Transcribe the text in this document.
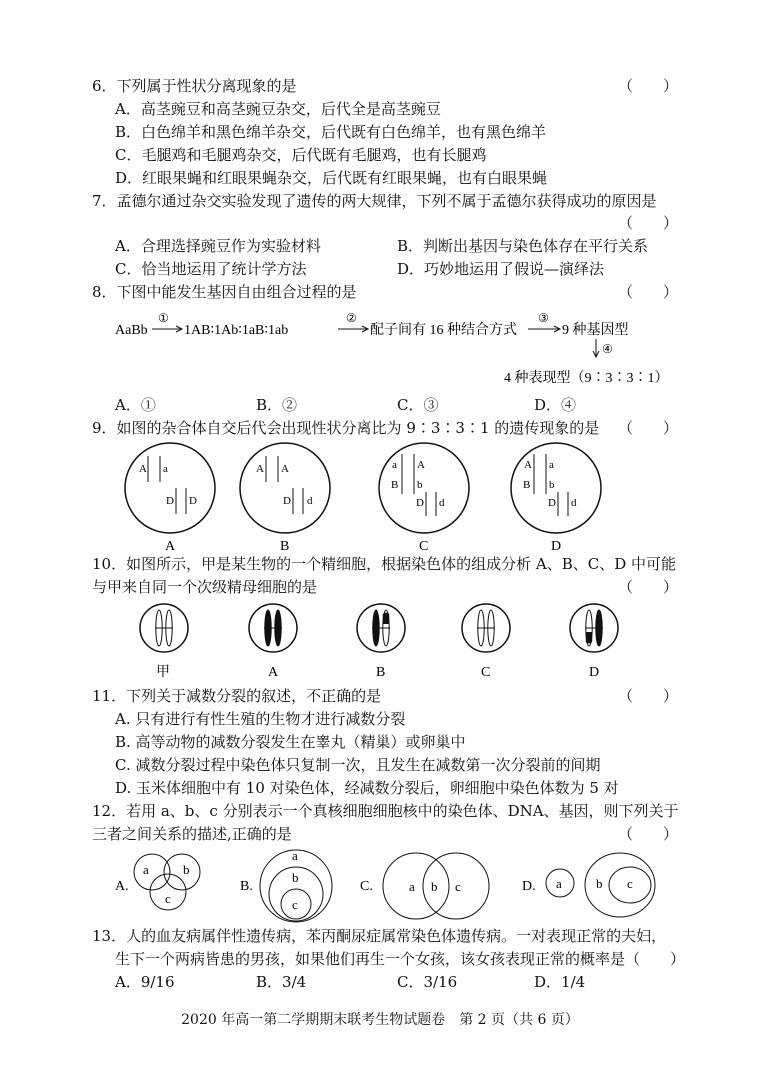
6．下列属于性状分离现象的是	（　　）
A．高茎豌豆和高茎豌豆杂交，后代全是高茎豌豆
B．白色绵羊和黑色绵羊杂交，后代既有白色绵羊，也有黑色绵羊
C．毛腿鸡和毛腿鸡杂交，后代既有毛腿鸡，也有长腿鸡
D．红眼果蝇和红眼果蝇杂交，后代既有红眼果蝇，也有白眼果蝇
7．孟德尔通过杂交实验发现了遗传的两大规律，下列不属于孟德尔获得成功的原因是
（　　）
A．合理选择豌豆作为实验材料	B．判断出基因与染色体存在平行关系
C．恰当地运用了统计学方法	D．巧妙地运用了假说—演绎法
8．下图中能发生基因自由组合过程的是	（　　）
AaBb
①
1AB∶1Ab∶1aB∶1ab
②
配子间有 16 种结合方式
③
9 种基因型
④
4 种表现型（9∶3∶3∶1）
A．①	B．②	C．③	D．④
9．如图的杂合体自交后代会出现性状分离比为 9∶3∶3∶1 的遗传现象的是 （　　）
A a
D D
A A
D d
a A
B b
D d
A a
B b
D d
A	B	C	D
10．如图所示，甲是某生物的一个精细胞，根据染色体的组成分析 A、B、C、D 中可能
与甲来自同一个次级精母细胞的是	（　　）
甲	A	B	C	D
11．下列关于减数分裂的叙述，不正确的是	（　　）
A. 只有进行有性生殖的生物才进行减数分裂
B. 高等动物的减数分裂发生在睾丸（精巢）或卵巢中
C. 减数分裂过程中染色体只复制一次，且发生在减数第一次分裂前的间期
D. 玉米体细胞中有 10 对染色体，经减数分裂后，卵细胞中染色体数为 5 对
12．若用 a、b、c 分别表示一个真核细胞细胞核中的染色体、DNA、基因，则下列关于
三者之间关系的描述,正确的是	（　　）
A.
a	b
c
B.
a
b
c
C.	a b c	D. a	b c
13．人的血友病属伴性遗传病，苯丙酮尿症属常染色体遗传病。一对表现正常的夫妇，
生下一个两病皆患的男孩，如果他们再生一个女孩，该女孩表现正常的概率是（　　）
A．9/16	B．3/4	C．3/16	D．1/4
2020 年高一第二学期期末联考生物试题卷　第 2 页（共 6 页）
